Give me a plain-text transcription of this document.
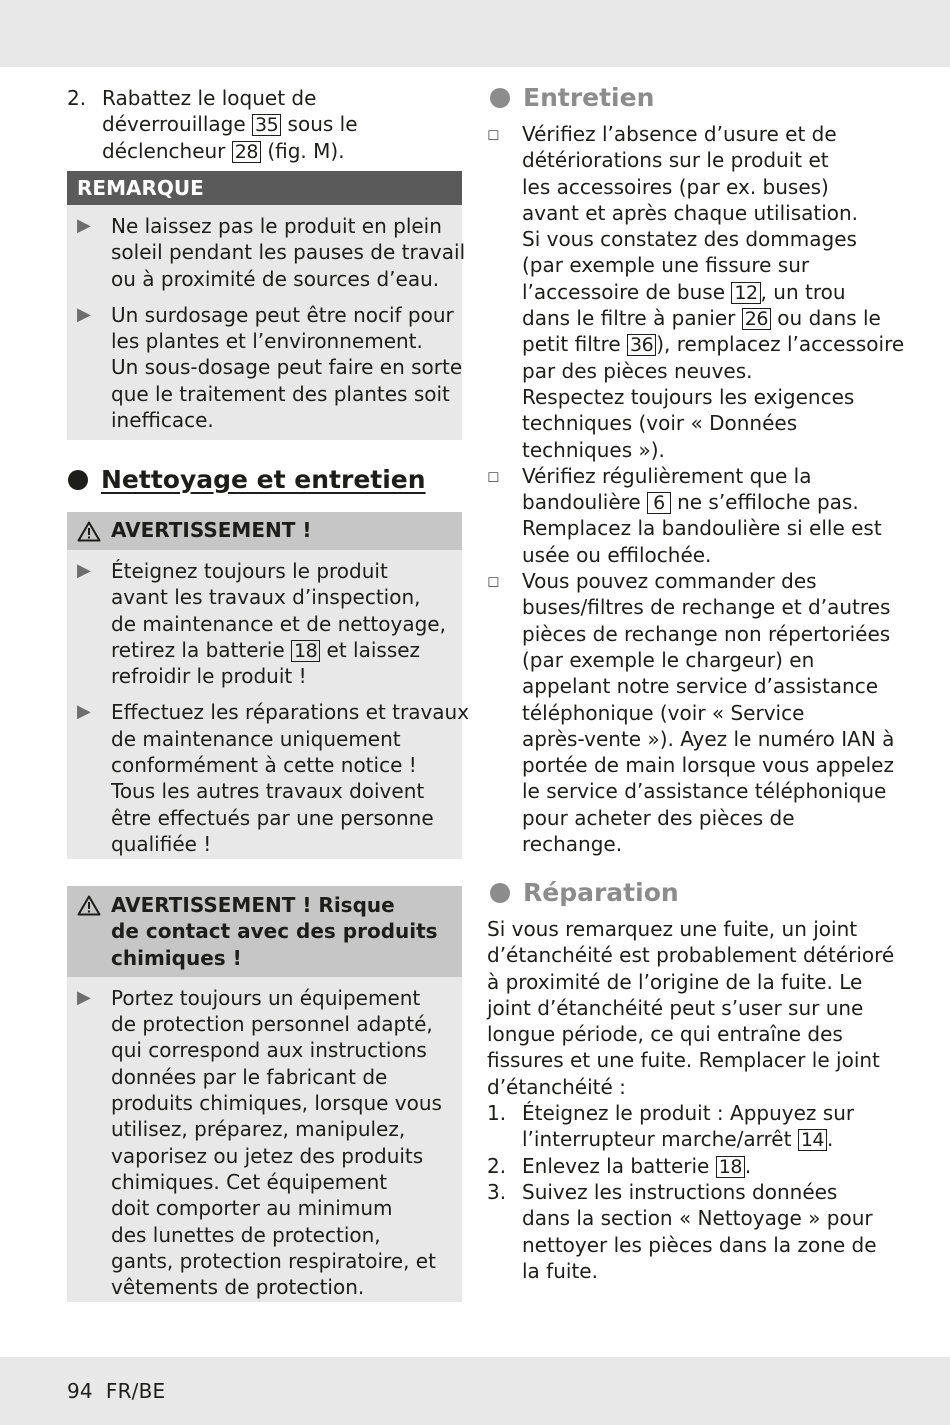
2. Rabattez le loquet de
déverrouillage 35 sous le
déclencheur 28 (fig. M).
REMARQUE
▶	Ne laissez pas le produit en plein
soleil pendant les pauses de travail
ou à proximité de sources d’eau.
▶	Un surdosage peut être nocif pour
les plantes et l’environnement.
Un sous-dosage peut faire en sorte
que le traitement des plantes soit
inefficace.
Nettoyage et entretien
AVERTISSEMENT !
▶	Éteignez toujours le produit
avant les travaux d’inspection,
de maintenance et de nettoyage,
retirez la batterie 18 et laissez
refroidir le produit !
▶	Effectuez les réparations et travaux
de maintenance uniquement
conformément à cette notice !
Tous les autres travaux doivent
être effectués par une personne
qualifiée !
AVERTISSEMENT ! Risque
de contact avec des produits
chimiques !
▶	Portez toujours un équipement
de protection personnel adapté,
qui correspond aux instructions
données par le fabricant de
produits chimiques, lorsque vous
utilisez, préparez, manipulez,
vaporisez ou jetez des produits
chimiques. Cet équipement
doit comporter au minimum
des lunettes de protection,
gants, protection respiratoire, et
vêtements de protection.
Entretien
◻	Vérifiez l’absence d’usure et de
détériorations sur le produit et
les accessoires (par ex. buses)
avant et après chaque utilisation.
Si vous constatez des dommages
(par exemple une fissure sur
l’accessoire de buse 12 , un trou
dans le filtre à panier 26 ou dans le
petit filtre 36 ), remplacez l’accessoire
par des pièces neuves.
Respectez toujours les exigences
techniques (voir « Données
techniques »).
◻	Vérifiez régulièrement que la
bandoulière 6 ne s’effiloche pas.
Remplacez la bandoulière si elle est
usée ou effilochée.
◻	Vous pouvez commander des
buses/filtres de rechange et d’autres
pièces de rechange non répertoriées
(par exemple le chargeur) en
appelant notre service d’assistance
téléphonique (voir « Service
après-vente »). Ayez le numéro IAN à
portée de main lorsque vous appelez
le service d’assistance téléphonique
pour acheter des pièces de
rechange.
Réparation
Si vous remarquez une fuite, un joint
d’étanchéité est probablement détérioré
à proximité de l’origine de la fuite. Le
joint d’étanchéité peut s’user sur une
longue période, ce qui entraîne des
fissures et une fuite. Remplacer le joint
d’étanchéité :
1. Éteignez le produit : Appuyez sur
l’interrupteur marche/arrêt 14 .
2. Enlevez la batterie 18 .
3. Suivez les instructions données
dans la section « Nettoyage » pour
nettoyer les pièces dans la zone de
la fuite.
94 FR/BE
